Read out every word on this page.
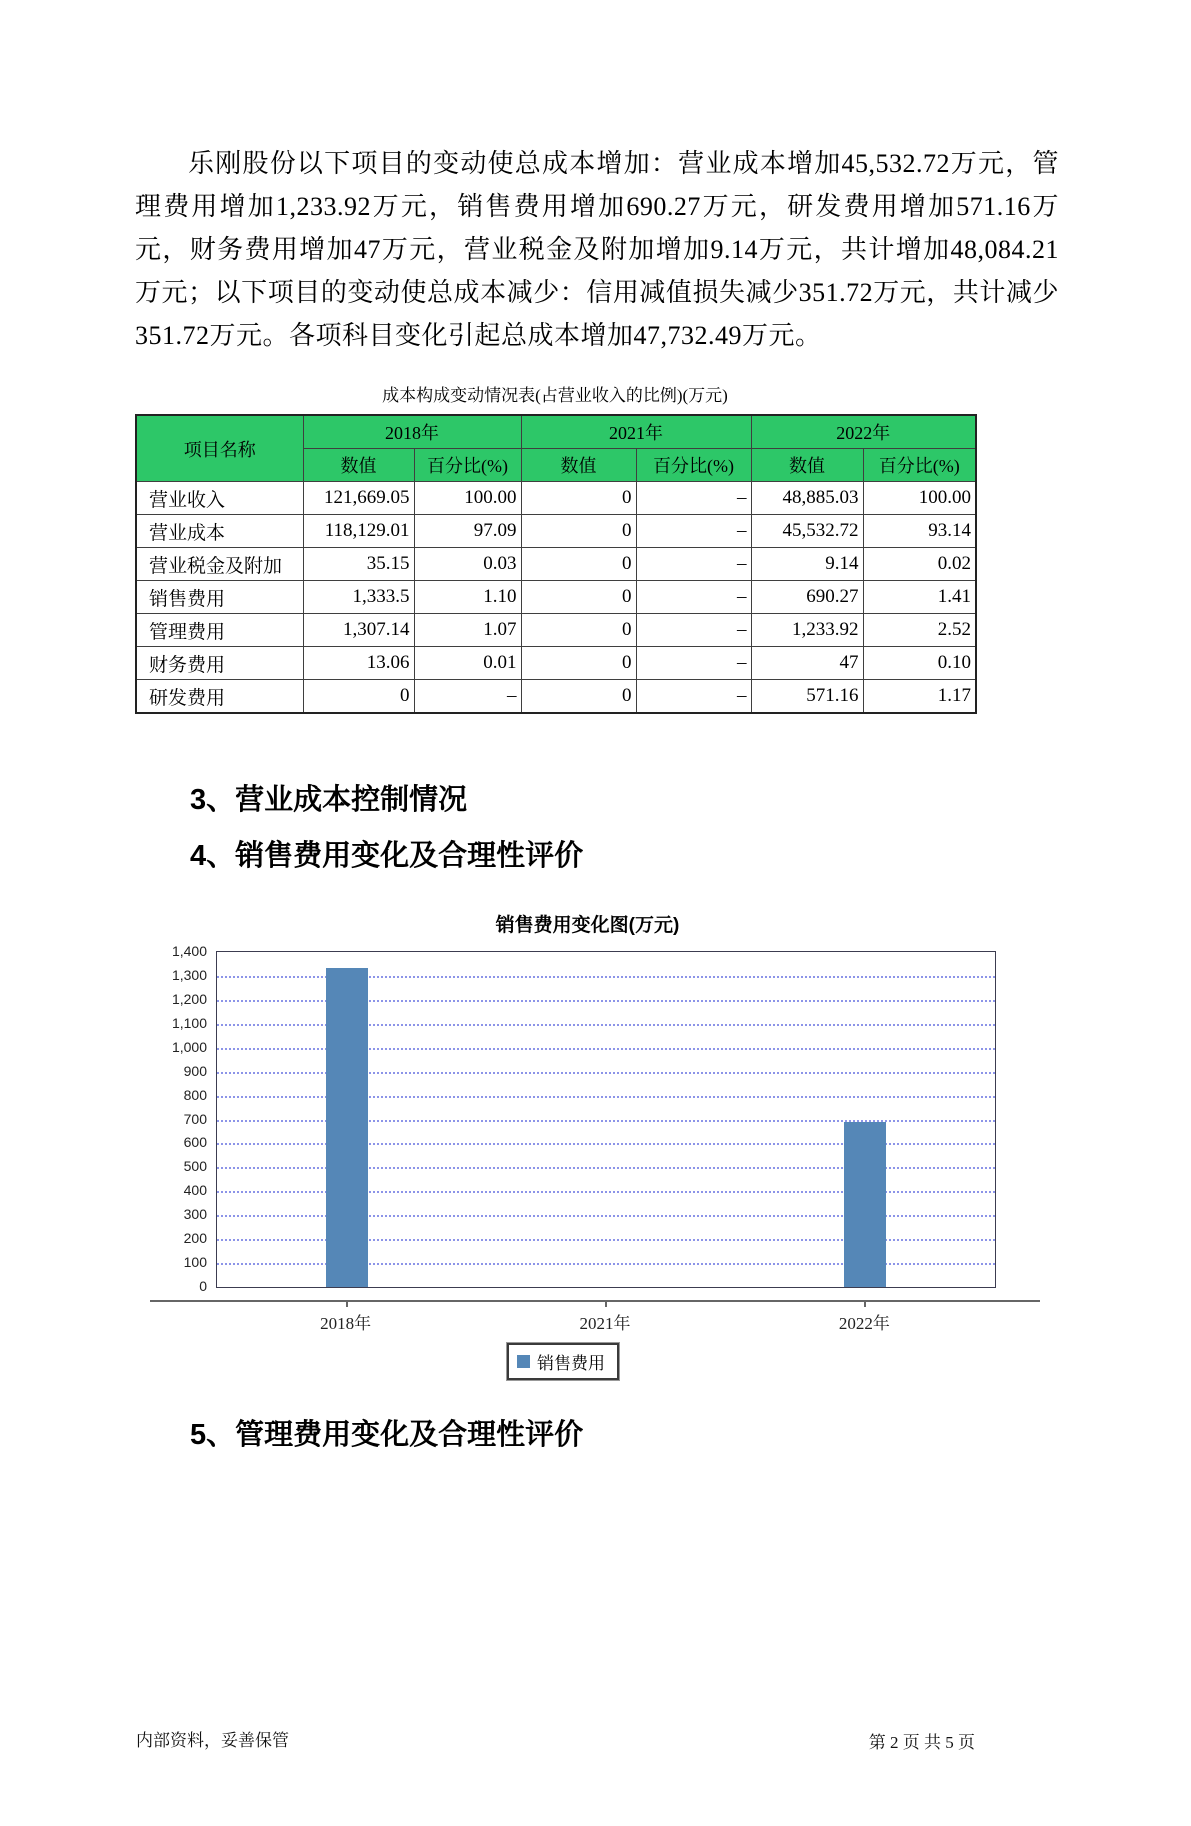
乐刚股份以下项目的变动使总成本增加：营业成本增加45,532.72万元，管理费用增加1,233.92万元，销售费用增加690.27万元，研发费用增加571.16万元，财务费用增加47万元，营业税金及附加增加9.14万元，共计增加48,084.21万元；以下项目的变动使总成本减少：信用减值损失减少351.72万元，共计减少351.72万元。各项科目变化引起总成本增加47,732.49万元。
成本构成变动情况表(占营业收入的比例)(万元)
项目名称	2018年		2021年		2022年	
	数值	百分比(%)	数值	百分比(%)	数值	百分比(%)
营业收入	121,669.05	100.00	0	–	48,885.03	100.00
营业成本	118,129.01	97.09	0	–	45,532.72	93.14
营业税金及附加	35.15	0.03	0	–	9.14	0.02
销售费用	1,333.5	1.10	0	–	690.27	1.41
管理费用	1,307.14	1.07	0	–	1,233.92	2.52
财务费用	13.06	0.01	0	–	47	0.10
研发费用	0	–	0	–	571.16	1.17
3、营业成本控制情况
4、销售费用变化及合理性评价
销售费用变化图(万元)
销售费用
0
100
200
300
400
500
600
700
800
900
1,000
1,100
1,200
1,300
1,400
2018年	2021年	2022年
5、管理费用变化及合理性评价
内部资料，妥善保管	第 2 页 共 5 页
